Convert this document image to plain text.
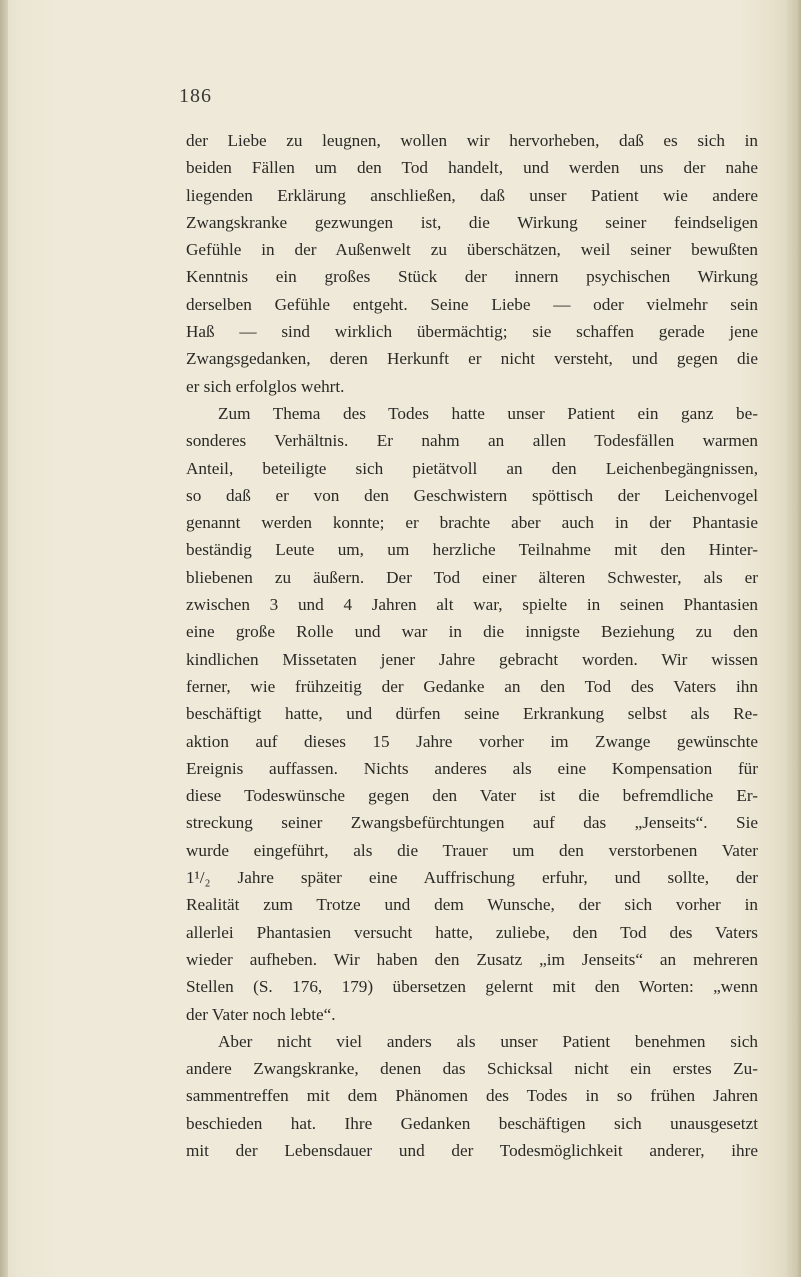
186
der Liebe zu leugnen, wollen wir hervorheben, daß es sich in
beiden Fällen um den Tod handelt, und werden uns der nahe
liegenden Erklärung anschließen, daß unser Patient wie andere
Zwangskranke gezwungen ist, die Wirkung seiner feindseligen
Gefühle in der Außenwelt zu überschätzen, weil seiner bewußten
Kenntnis ein großes Stück der innern psychischen Wirkung
derselben Gefühle entgeht. Seine Liebe — oder vielmehr sein
Haß — sind wirklich übermächtig; sie schaffen gerade jene
Zwangsgedanken, deren Herkunft er nicht versteht, und gegen die
er sich erfolglos wehrt.
Zum Thema des Todes hatte unser Patient ein ganz be-
sonderes Verhältnis. Er nahm an allen Todesfällen warmen
Anteil, beteiligte sich pietätvoll an den Leichenbegängnissen,
so daß er von den Geschwistern spöttisch der Leichenvogel
genannt werden konnte; er brachte aber auch in der Phantasie
beständig Leute um, um herzliche Teilnahme mit den Hinter-
bliebenen zu äußern. Der Tod einer älteren Schwester, als er
zwischen 3 und 4 Jahren alt war, spielte in seinen Phantasien
eine große Rolle und war in die innigste Beziehung zu den
kindlichen Missetaten jener Jahre gebracht worden. Wir wissen
ferner, wie frühzeitig der Gedanke an den Tod des Vaters ihn
beschäftigt hatte, und dürfen seine Erkrankung selbst als Re-
aktion auf dieses 15 Jahre vorher im Zwange gewünschte
Ereignis auffassen. Nichts anderes als eine Kompensation für
diese Todeswünsche gegen den Vater ist die befremdliche Er-
streckung seiner Zwangsbefürchtungen auf das „Jenseits“. Sie
wurde eingeführt, als die Trauer um den verstorbenen Vater
1¹/₂ Jahre später eine Auffrischung erfuhr, und sollte, der
Realität zum Trotze und dem Wunsche, der sich vorher in
allerlei Phantasien versucht hatte, zuliebe, den Tod des Vaters
wieder aufheben. Wir haben den Zusatz „im Jenseits“ an mehreren
Stellen (S. 176, 179) übersetzen gelernt mit den Worten: „wenn
der Vater noch lebte“.
Aber nicht viel anders als unser Patient benehmen sich
andere Zwangskranke, denen das Schicksal nicht ein erstes Zu-
sammentreffen mit dem Phänomen des Todes in so frühen Jahren
beschieden hat. Ihre Gedanken beschäftigen sich unausgesetzt
mit der Lebensdauer und der Todesmöglichkeit anderer, ihre
